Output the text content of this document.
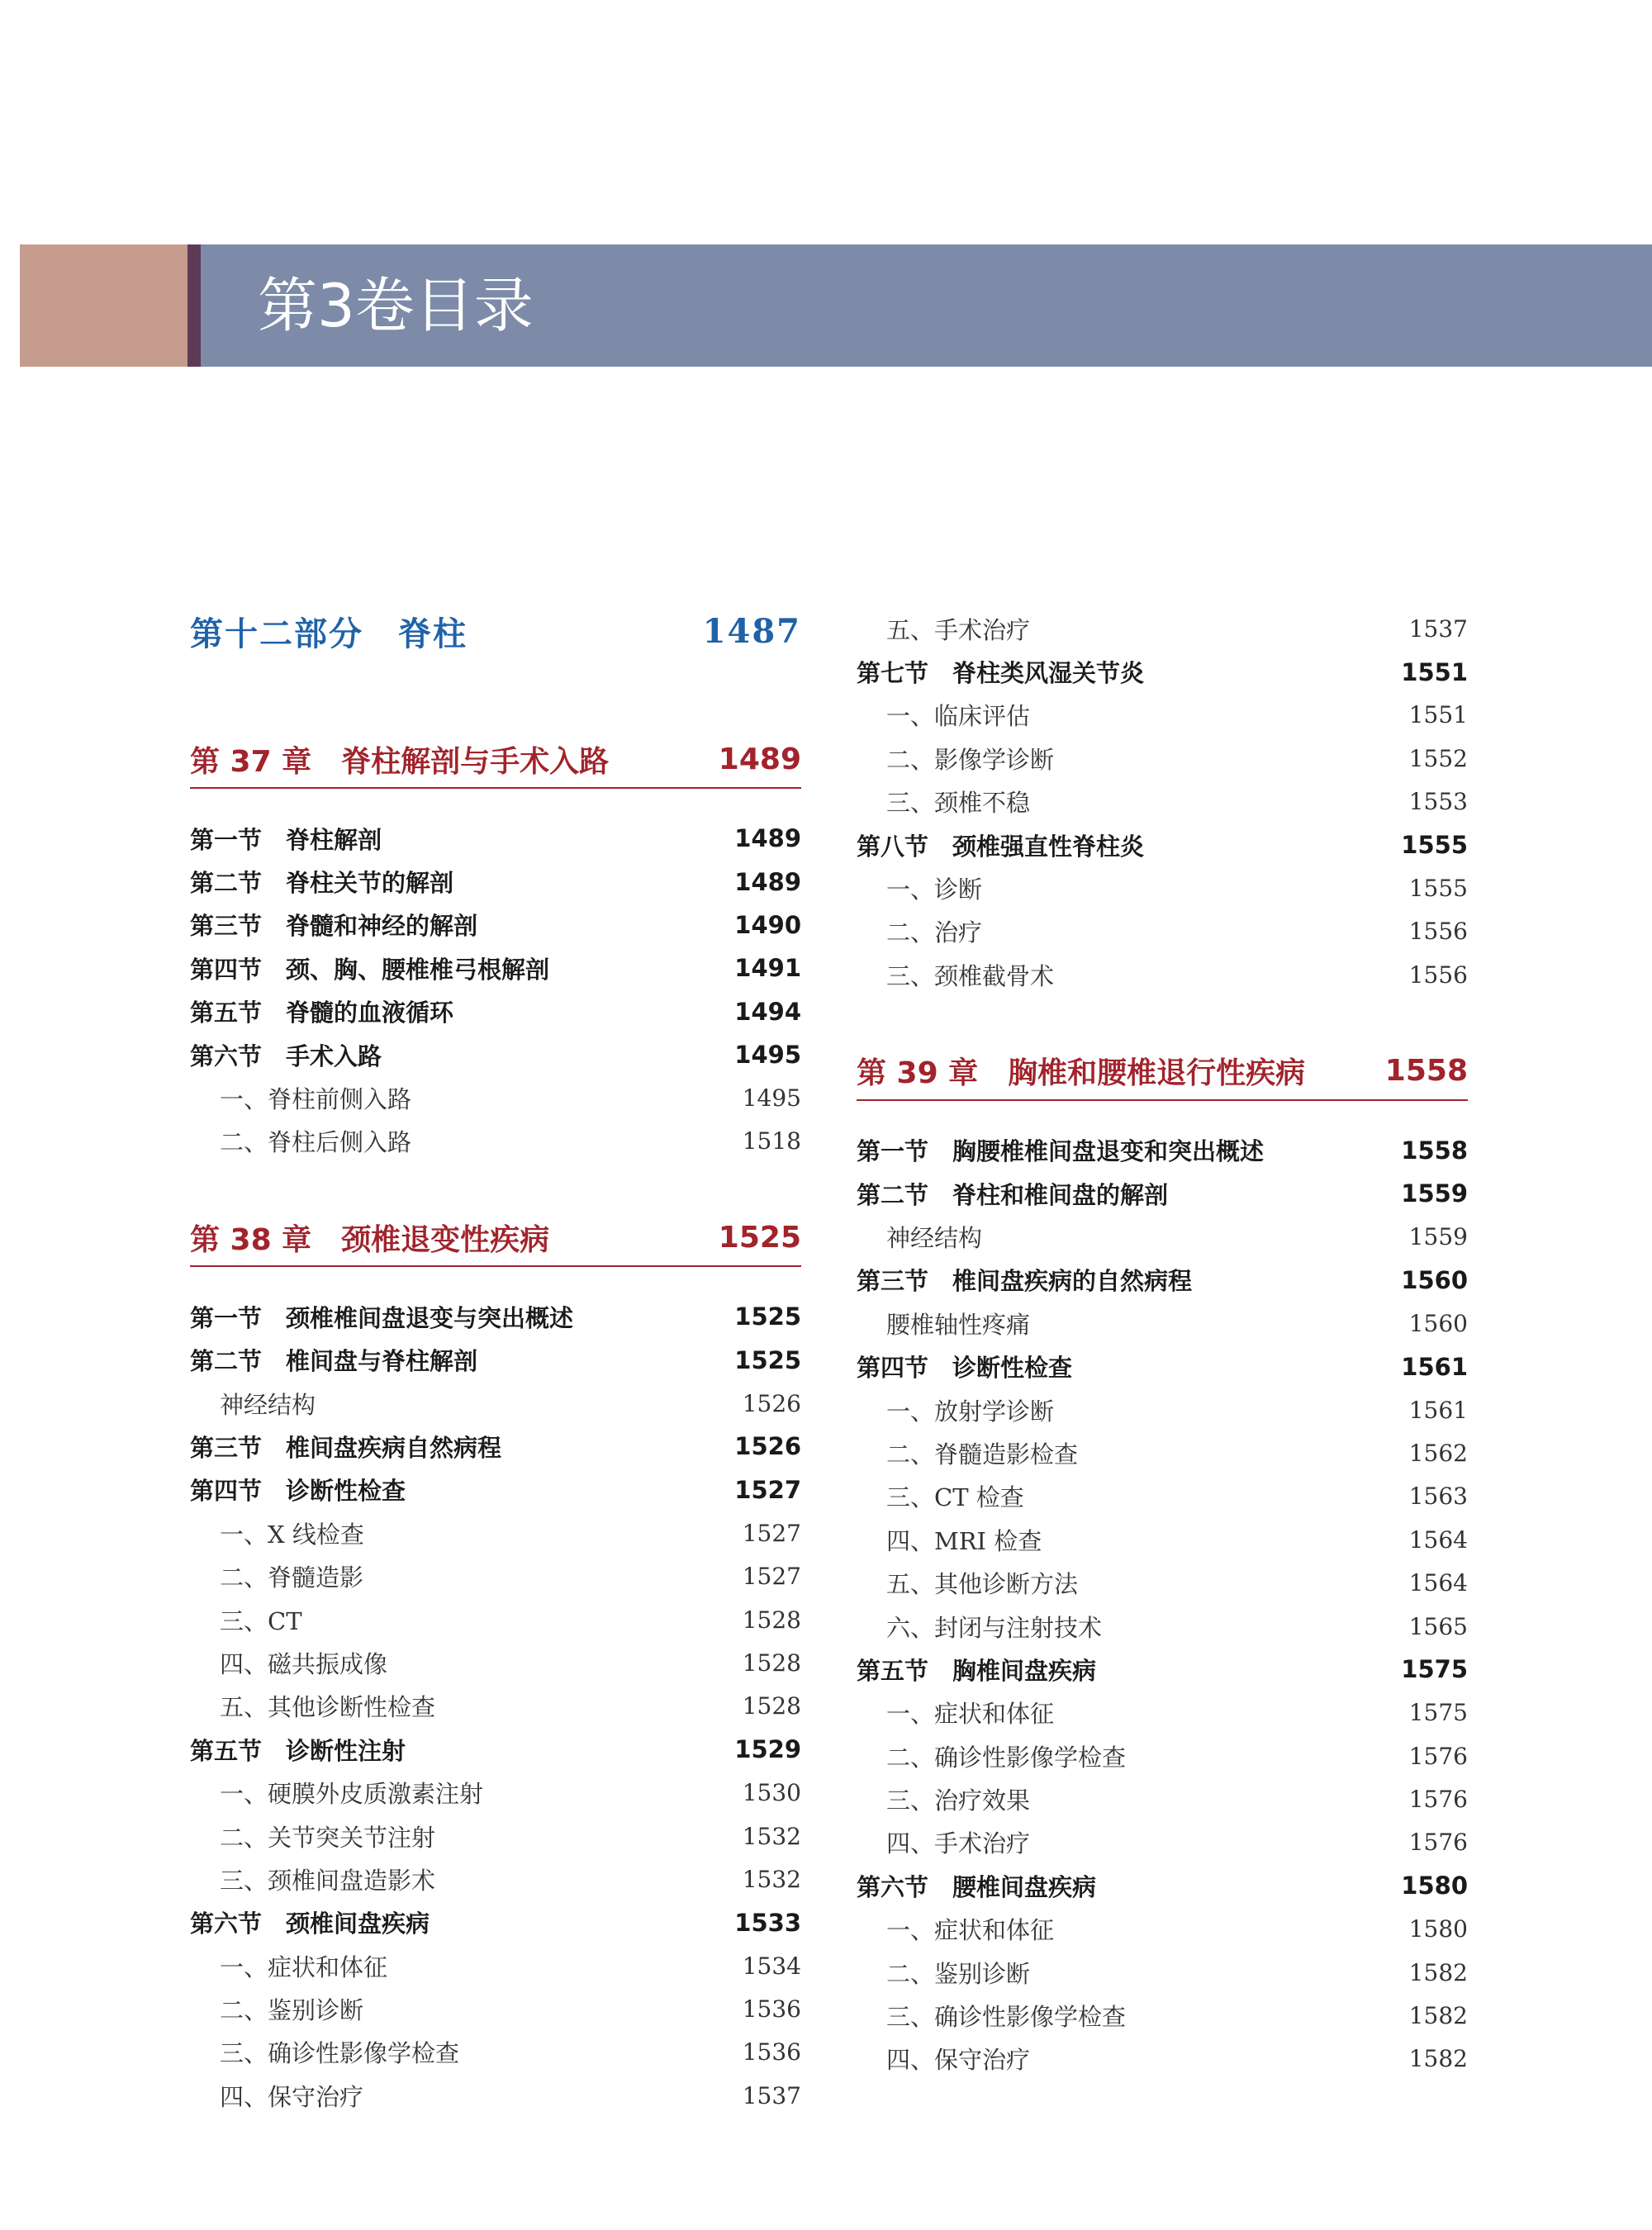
第3卷目录
第十二部分　脊柱	1487
第 37 章　脊柱解剖与手术入路	1489
第一节　脊柱解剖	1489
第二节　脊柱关节的解剖	1489
第三节　脊髓和神经的解剖	1490
第四节　颈、胸、腰椎椎弓根解剖	1491
第五节　脊髓的血液循环	1494
第六节　手术入路	1495
一、脊柱前侧入路	1495
二、脊柱后侧入路	1518
第 38 章　颈椎退变性疾病	1525
第一节　颈椎椎间盘退变与突出概述	1525
第二节　椎间盘与脊柱解剖	1525
神经结构	1526
第三节　椎间盘疾病自然病程	1526
第四节　诊断性检查	1527
一、X 线检查	1527
二、脊髓造影	1527
三、CT	1528
四、磁共振成像	1528
五、其他诊断性检查	1528
第五节　诊断性注射	1529
一、硬膜外皮质激素注射	1530
二、关节突关节注射	1532
三、颈椎间盘造影术	1532
第六节　颈椎间盘疾病	1533
一、症状和体征	1534
二、鉴别诊断	1536
三、确诊性影像学检查	1536
四、保守治疗	1537
五、手术治疗	1537
第七节　脊柱类风湿关节炎	1551
一、临床评估	1551
二、影像学诊断	1552
三、颈椎不稳	1553
第八节　颈椎强直性脊柱炎	1555
一、诊断	1555
二、治疗	1556
三、颈椎截骨术	1556
第 39 章　胸椎和腰椎退行性疾病	1558
第一节　胸腰椎椎间盘退变和突出概述	1558
第二节　脊柱和椎间盘的解剖	1559
神经结构	1559
第三节　椎间盘疾病的自然病程	1560
腰椎轴性疼痛	1560
第四节　诊断性检查	1561
一、放射学诊断	1561
二、脊髓造影检查	1562
三、CT 检查	1563
四、MRI 检查	1564
五、其他诊断方法	1564
六、封闭与注射技术	1565
第五节　胸椎间盘疾病	1575
一、症状和体征	1575
二、确诊性影像学检查	1576
三、治疗效果	1576
四、手术治疗	1576
第六节　腰椎间盘疾病	1580
一、症状和体征	1580
二、鉴别诊断	1582
三、确诊性影像学检查	1582
四、保守治疗	1582
